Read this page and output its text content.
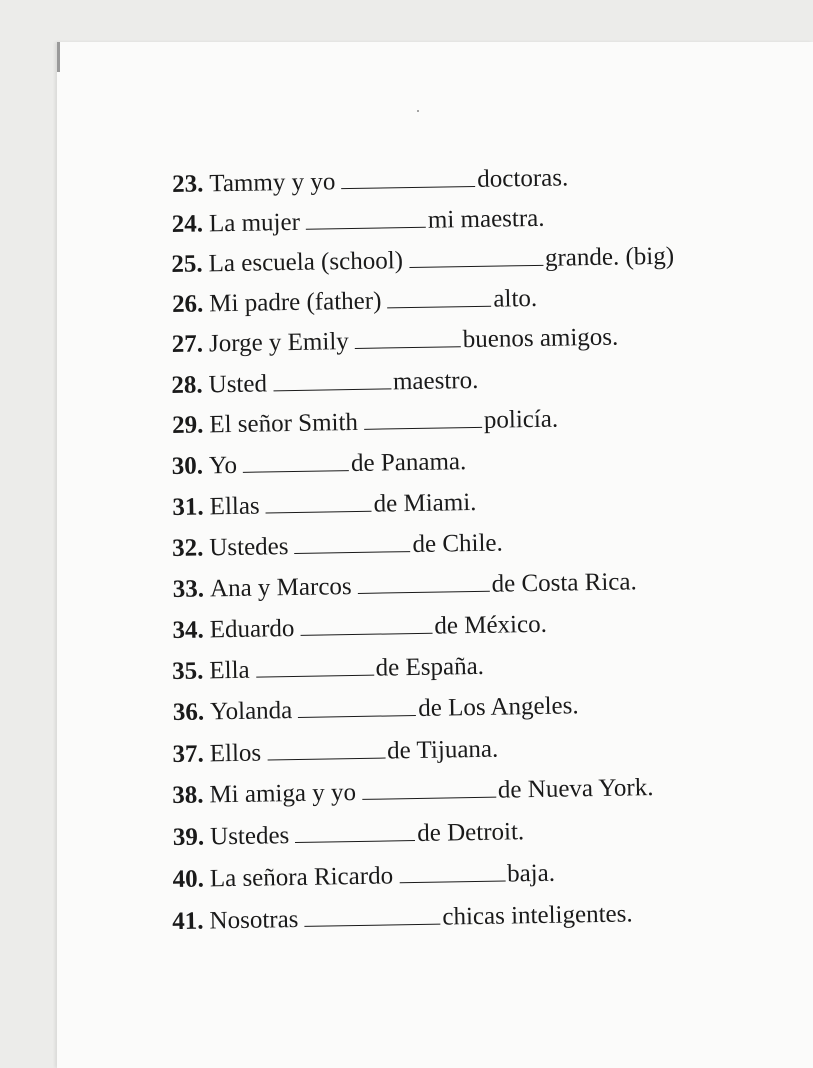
23. Tammy y yo	doctoras.
24. La mujer	mi maestra.
25. La escuela (school)	grande. (big)
26. Mi padre (father)	alto.
27. Jorge y Emily	buenos amigos.
28. Usted	maestro.
29. El señor Smith	policía.
30. Yo	de Panama.
31. Ellas	de Miami.
32. Ustedes	de Chile.
33. Ana y Marcos	de Costa Rica.
34. Eduardo	de México.
35. Ella	de España.
36. Yolanda	de Los Angeles.
37. Ellos	de Tijuana.
38. Mi amiga y yo	de Nueva York.
39. Ustedes	de Detroit.
40. La señora Ricardo	baja.
41. Nosotras	chicas inteligentes.
